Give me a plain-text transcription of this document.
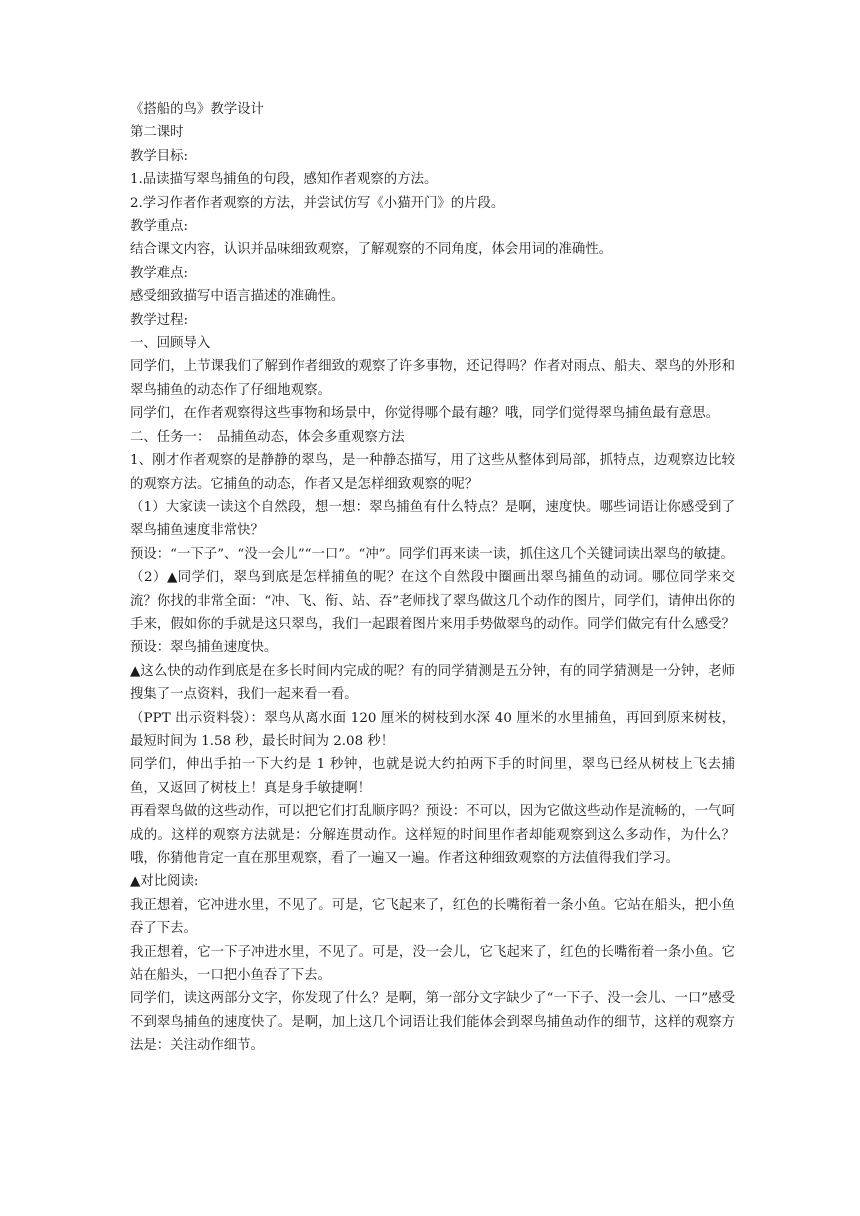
《搭船的鸟》教学设计

第二课时

教学目标:

1.品读描写翠鸟捕鱼的句段，感知作者观察的方法。

2.学习作者作者观察的方法，并尝试仿写《小猫开门》的片段。

教学重点:

结合课文内容，认识并品味细致观察，了解观察的不同角度，体会用词的准确性。

教学难点:

感受细致描写中语言描述的准确性。

教学过程:

一、回顾导入

同学们，上节课我们了解到作者细致的观察了许多事物，还记得吗？作者对雨点、船夫、翠鸟的外形和翠鸟捕鱼的动态作了仔细地观察。

同学们，在作者观察得这些事物和场景中，你觉得哪个最有趣？哦，同学们觉得翠鸟捕鱼最有意思。

二、任务一：　品捕鱼动态，体会多重观察方法

1、刚才作者观察的是静静的翠鸟，是一种静态描写，用了这些从整体到局部，抓特点，边观察边比较的观察方法。它捕鱼的动态，作者又是怎样细致观察的呢？

（1）大家读一读这个自然段，想一想：翠鸟捕鱼有什么特点？是啊，速度快。哪些词语让你感受到了翠鸟捕鱼速度非常快？

预设：“一下子”、“没一会儿”“一口”。“冲”。同学们再来读一读，抓住这几个关键词读出翠鸟的敏捷。

（2）▲同学们，翠鸟到底是怎样捕鱼的呢？在这个自然段中圈画出翠鸟捕鱼的动词。哪位同学来交流？你找的非常全面：“冲、飞、衔、站、吞”老师找了翠鸟做这几个动作的图片，同学们，请伸出你的手来，假如你的手就是这只翠鸟，我们一起跟着图片来用手势做翠鸟的动作。同学们做完有什么感受？预设：翠鸟捕鱼速度快。

▲这么快的动作到底是在多长时间内完成的呢？有的同学猜测是五分钟，有的同学猜测是一分钟，老师搜集了一点资料，我们一起来看一看。

（PPT 出示资料袋）：翠鸟从离水面 120 厘米的树枝到水深 40 厘米的水里捕鱼，再回到原来树枝，最短时间为 1.58 秒，最长时间为 2.08 秒！

同学们，伸出手拍一下大约是 1 秒钟，也就是说大约拍两下手的时间里，翠鸟已经从树枝上飞去捕鱼，又返回了树枝上！真是身手敏捷啊！

再看翠鸟做的这些动作，可以把它们打乱顺序吗？预设：不可以，因为它做这些动作是流畅的，一气呵成的。这样的观察方法就是：分解连贯动作。这样短的时间里作者却能观察到这么多动作，为什么？哦，你猜他肯定一直在那里观察，看了一遍又一遍。作者这种细致观察的方法值得我们学习。

▲对比阅读:

我正想着，它冲进水里，不见了。可是，它飞起来了，红色的长嘴衔着一条小鱼。它站在船头，把小鱼吞了下去。

我正想着，它一下子冲进水里，不见了。可是，没一会儿，它飞起来了，红色的长嘴衔着一条小鱼。它站在船头，一口把小鱼吞了下去。

同学们，读这两部分文字，你发现了什么？是啊，第一部分文字缺少了“一下子、没一会儿、一口”感受不到翠鸟捕鱼的速度快了。是啊，加上这几个词语让我们能体会到翠鸟捕鱼动作的细节，这样的观察方法是：关注动作细节。
